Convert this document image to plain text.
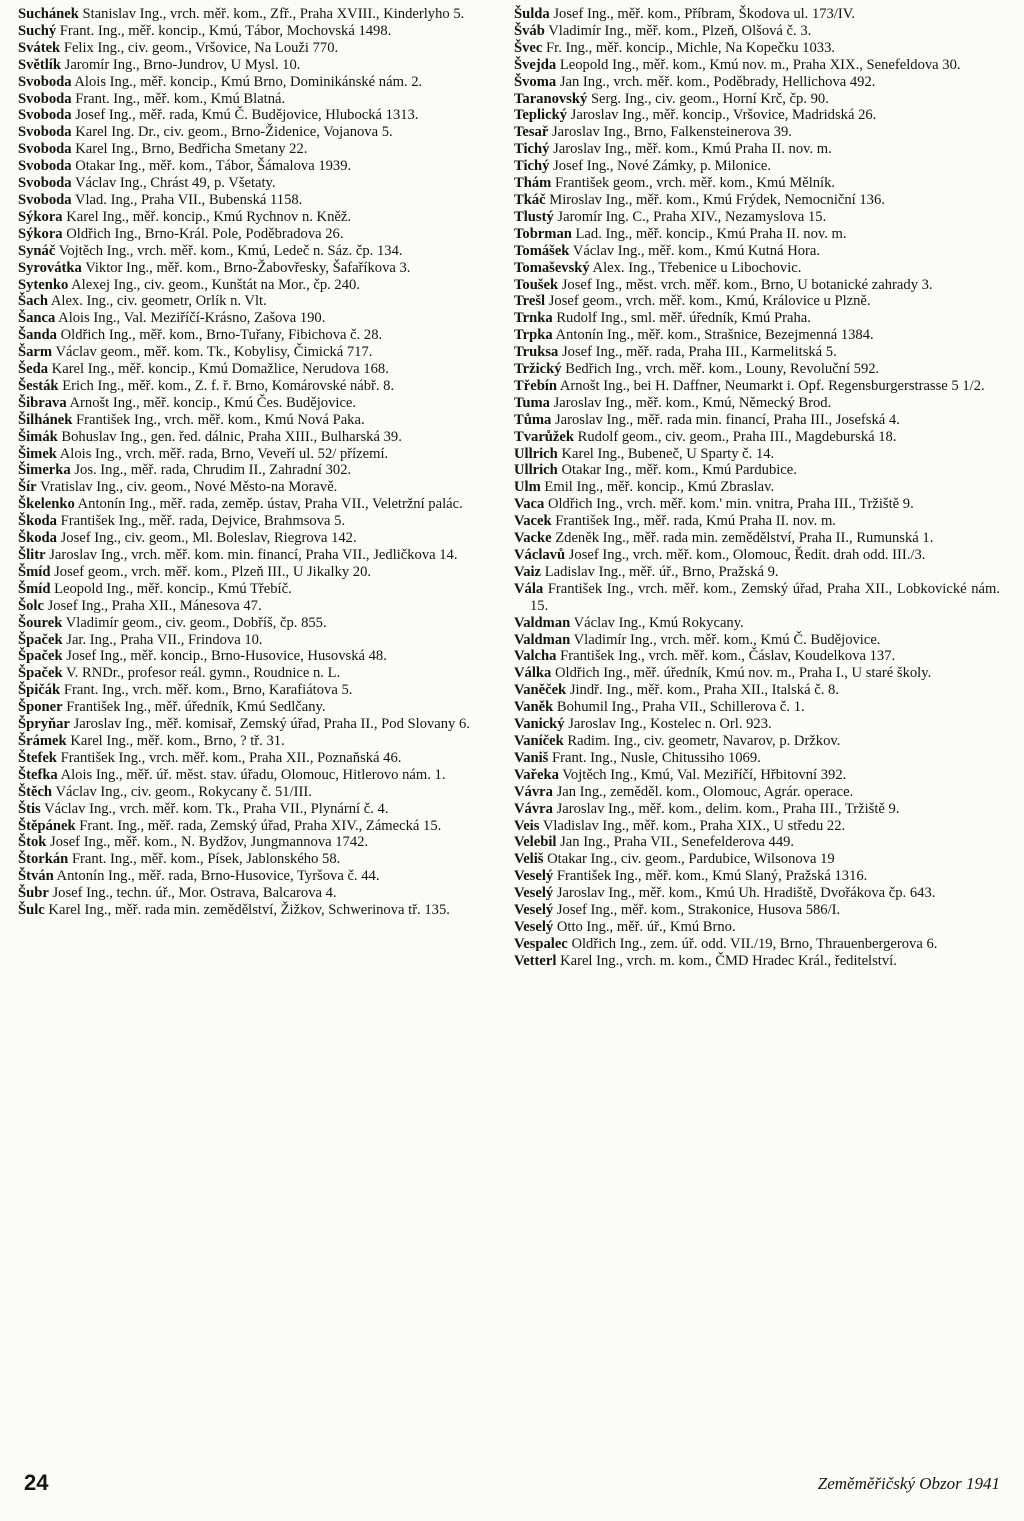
Suchánek Stanislav Ing., vrch. měř. kom., Zfř., Praha XVIII., Kinderlyho 5.

Suchý Frant. Ing., měř. koncip., Kmú, Tábor, Mochovská 1498.

Svátek Felix Ing., civ. geom., Vršovice, Na Louži 770.

Světlík Jaromír Ing., Brno-Jundrov, U Mysl. 10.

Svoboda Alois Ing., měř. koncip., Kmú Brno, Dominikánské nám. 2.

Svoboda Frant. Ing., měř. kom., Kmú Blatná.

Svoboda Josef Ing., měř. rada, Kmú Č. Budějovice, Hlubocká 1313.

Svoboda Karel Ing. Dr., civ. geom., Brno-Židenice, Vojanova 5.

Svoboda Karel Ing., Brno, Bedřicha Smetany 22.

Svoboda Otakar Ing., měř. kom., Tábor, Šámalova 1939.

Svoboda Václav Ing., Chrást 49, p. Všetaty.

Svoboda Vlad. Ing., Praha VII., Bubenská 1158.

Sýkora Karel Ing., měř. koncip., Kmú Rychnov n. Kněž.

Sýkora Oldřich Ing., Brno-Král. Pole, Poděbradova 26.

Synáč Vojtěch Ing., vrch. měř. kom., Kmú, Ledeč n. Sáz. čp. 134.

Syrovátka Viktor Ing., měř. kom., Brno-Žabovřesky, Šafaříkova 3.

Sytenko Alexej Ing., civ. geom., Kunštát na Mor., čp. 240.

Šach Alex. Ing., civ. geometr, Orlík n. Vlt.

Šanca Alois Ing., Val. Meziříčí-Krásno, Zašova 190.

Šanda Oldřich Ing., měř. kom., Brno-Tuřany, Fibichova č. 28.

Šarm Václav geom., měř. kom. Tk., Kobylisy, Čimická 717.

Šeda Karel Ing., měř. koncip., Kmú Domažlice, Nerudova 168.

Šesták Erich Ing., měř. kom., Z. f. ř. Brno, Komárovské nábř. 8.

Šibrava Arnošt Ing., měř. koncip., Kmú Čes. Budějovice.

Šilhánek František Ing., vrch. měř. kom., Kmú Nová Paka.

Šimák Bohuslav Ing., gen. řed. dálnic, Praha XIII., Bulharská 39.

Šimek Alois Ing., vrch. měř. rada, Brno, Veveří ul. 52/ přízemí.

Šimerka Jos. Ing., měř. rada, Chrudim II., Zahradní 302.

Šír Vratislav Ing., civ. geom., Nové Město-na Moravě.

Škelenko Antonín Ing., měř. rada, zeměp. ústav, Praha VII., Veletržní palác.

Škoda František Ing., měř. rada, Dejvice, Brahmsova 5.

Škoda Josef Ing., civ. geom., Ml. Boleslav, Riegrova 142.

Šlitr Jaroslav Ing., vrch. měř. kom. min. financí, Praha VII., Jedličkova 14.

Šmíd Josef geom., vrch. měř. kom., Plzeň III., U Jikalky 20.

Šmíd Leopold Ing., měř. koncip., Kmú Třebíč.

Šolc Josef Ing., Praha XII., Mánesova 47.

Šourek Vladimír geom., civ. geom., Dobříš, čp. 855.

Špaček Jar. Ing., Praha VII., Frindova 10.

Špaček Josef Ing., měř. koncip., Brno-Husovice, Husovská 48.

Špaček V. RNDr., profesor reál. gymn., Roudnice n. L.

Špičák Frant. Ing., vrch. měř. kom., Brno, Karafiátova 5.

Šponer František Ing., měř. úředník, Kmú Sedlčany.

Špryňar Jaroslav Ing., měř. komisař, Zemský úřad, Praha II., Pod Slovany 6.

Šrámek Karel Ing., měř. kom., Brno, ? tř. 31.

Štefek František Ing., vrch. měř. kom., Praha XII., Poznaňská 46.

Štefka Alois Ing., měř. úř. měst. stav. úřadu, Olomouc, Hitlerovo nám. 1.

Štěch Václav Ing., civ. geom., Rokycany č. 51/III.

Štis Václav Ing., vrch. měř. kom. Tk., Praha VII., Plynární č. 4.

Štěpánek Frant. Ing., měř. rada, Zemský úřad, Praha XIV., Zámecká 15.

Štok Josef Ing., měř. kom., N. Bydžov, Jungmannova 1742.

Štorkán Frant. Ing., měř. kom., Písek, Jablonského 58.

Štván Antonín Ing., měř. rada, Brno-Husovice, Tyršova č. 44.

Šubr Josef Ing., techn. úř., Mor. Ostrava, Balcarova 4.

Šulc Karel Ing., měř. rada min. zemědělství, Žižkov, Schwerinova tř. 135.

Šulda Josef Ing., měř. kom., Příbram, Škodova ul. 173/IV.

Šváb Vladimír Ing., měř. kom., Plzeň, Olšová č. 3.

Švec Fr. Ing., měř. koncip., Michle, Na Kopečku 1033.

Švejda Leopold Ing., měř. kom., Kmú nov. m., Praha XIX., Senefeldova 30.

Švoma Jan Ing., vrch. měř. kom., Poděbrady, Hellichova 492.

Taranovský Serg. Ing., civ. geom., Horní Krč, čp. 90.

Teplický Jaroslav Ing., měř. koncip., Vršovice, Madridská 26.

Tesař Jaroslav Ing., Brno, Falkensteinerova 39.

Tichý Jaroslav Ing., měř. kom., Kmú Praha II. nov. m.

Tichý Josef Ing., Nové Zámky, p. Milonice.

Thám František geom., vrch. měř. kom., Kmú Mělník.

Tkáč Miroslav Ing., měř. kom., Kmú Frýdek, Nemocniční 136.

Tlustý Jaromír Ing. C., Praha XIV., Nezamyslova 15.

Tobrman Lad. Ing., měř. koncip., Kmú Praha II. nov. m.

Tomášek Václav Ing., měř. kom., Kmú Kutná Hora.

Tomaševský Alex. Ing., Třebenice u Libochovic.

Toušek Josef Ing., měst. vrch. měř. kom., Brno, U botanické zahrady 3.

Trešl Josef geom., vrch. měř. kom., Kmú, Královice u Plzně.

Trnka Rudolf Ing., sml. měř. úředník, Kmú Praha.

Trpka Antonín Ing., měř. kom., Strašnice, Bezejmenná 1384.

Truksa Josef Ing., měř. rada, Praha III., Karmelitská 5.

Tržický Bedřich Ing., vrch. měř. kom., Louny, Revoluční 592.

Třebín Arnošt Ing., bei H. Daffner, Neumarkt i. Opf. Regensburgerstrasse 5 1/2.

Tuma Jaroslav Ing., měř. kom., Kmú, Německý Brod.

Tůma Jaroslav Ing., měř. rada min. financí, Praha III., Josefská 4.

Tvarůžek Rudolf geom., civ. geom., Praha III., Magdeburská 18.

Ullrich Karel Ing., Bubeneč, U Sparty č. 14.

Ullrich Otakar Ing., měř. kom., Kmú Pardubice.

Ulm Emil Ing., měř. koncip., Kmú Zbraslav.

Vaca Oldřich Ing., vrch. měř. kom.' min. vnitra, Praha III., Tržiště 9.

Vacek František Ing., měř. rada, Kmú Praha II. nov. m.

Vacke Zdeněk Ing., měř. rada min. zemědělství, Praha II., Rumunská 1.

Václavů Josef Ing., vrch. měř. kom., Olomouc, Ředit. drah odd. III./3.

Vaiz Ladislav Ing., měř. úř., Brno, Pražská 9.

Vála František Ing., vrch. měř. kom., Zemský úřad, Praha XII., Lobkovické nám. 15.

Valdman Václav Ing., Kmú Rokycany.

Valdman Vladimír Ing., vrch. měř. kom., Kmú Č. Budějovice.

Valcha František Ing., vrch. měř. kom., Čáslav, Koudelkova 137.

Válka Oldřich Ing., měř. úředník, Kmú nov. m., Praha I., U staré školy.

Vaněček Jindř. Ing., měř. kom., Praha XII., Italská č. 8.

Vaněk Bohumil Ing., Praha VII., Schillerova č. 1.

Vanický Jaroslav Ing., Kostelec n. Orl. 923.

Vaníček Radim. Ing., civ. geometr, Navarov, p. Držkov.

Vaniš Frant. Ing., Nusle, Chitussiho 1069.

Vařeka Vojtěch Ing., Kmú, Val. Meziříčí, Hřbitovní 392.

Vávra Jan Ing., zeměděl. kom., Olomouc, Agrár. operace.

Vávra Jaroslav Ing., měř. kom., delim. kom., Praha III., Tržiště 9.

Veis Vladislav Ing., měř. kom., Praha XIX., U středu 22.

Velebil Jan Ing., Praha VII., Senefelderova 449.

Veliš Otakar Ing., civ. geom., Pardubice, Wilsonova 19

Veselý František Ing., měř. kom., Kmú Slaný, Pražská 1316.

Veselý Jaroslav Ing., měř. kom., Kmú Uh. Hradiště, Dvořákova čp. 643.

Veselý Josef Ing., měř. kom., Strakonice, Husova 586/I.

Veselý Otto Ing., měř. úř., Kmú Brno.

Vespalec Oldřich Ing., zem. úř. odd. VII./19, Brno, Thrauenbergerova 6.

Vetterl Karel Ing., vrch. m. kom., ČMD Hradec Král., ředitelství.

24	Zeměměřičský Obzor 1941
